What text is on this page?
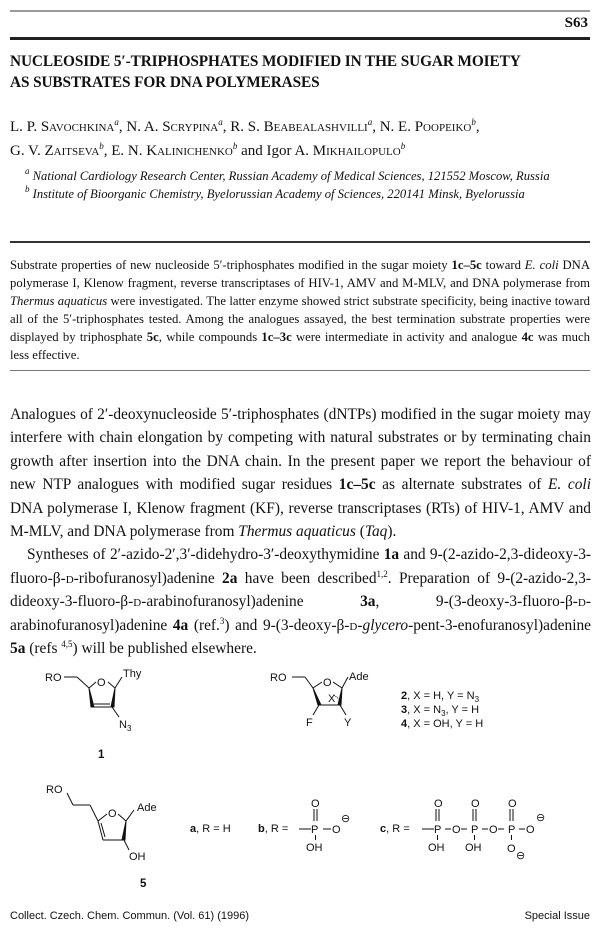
S63
NUCLEOSIDE 5′-TRIPHOSPHATES MODIFIED IN THE SUGAR MOIETY
AS SUBSTRATES FOR DNA POLYMERASES
L. P. Savochkina$^a$, N. A. Scrypina$^a$, R. S. Beabealashvilli$^a$, N. E. Poopeiko$^b$,
G. V. Zaitseva$^b$, E. N. Kalinichenko$^b$ and Igor A. Mikhailopulo$^b$

$^a$ National Cardiology Research Center, Russian Academy of Medical Sciences, 121552 Moscow, Russia

$^b$ Institute of Bioorganic Chemistry, Byelorussian Academy of Sciences, 220141 Minsk, Byelorussia

Substrate properties of new nucleoside 5′-triphosphates modified in the sugar moiety 1c–5c toward E. coli DNA polymerase I, Klenow fragment, reverse transcriptases of HIV-1, AMV and M-MLV, and DNA polymerase from Thermus aquaticus were investigated. The latter enzyme showed strict substrate specificity, being inactive toward all of the 5′-triphosphates tested. Among the analogues assayed, the best termination substrate properties were displayed by triphosphate 5c, while compounds 1c–3c were intermediate in activity and analogue 4c was much less effective.

Analogues of 2′-deoxynucleoside 5′-triphosphates (dNTPs) modified in the sugar moiety may interfere with chain elongation by competing with natural substrates or by terminating chain growth after insertion into the DNA chain. In the present paper we report the behaviour of new NTP analogues with modified sugar residues 1c–5c as alternate substrates of E. coli DNA polymerase I, Klenow fragment (KF), reverse transcriptases (RTs) of HIV-1, AMV and M-MLV, and DNA polymerase from Thermus aquaticus (Taq).

Syntheses of 2′-azido-2′,3′-didehydro-3′-deoxythymidine 1a and 9-(2-azido-2,3-dideoxy-3-fluoro-β-d-ribofuranosyl)adenine 2a have been described$^{1,2}$. Preparation of 9-(2-azido-2,3-dideoxy-3-fluoro-β-d-arabinofuranosyl)adenine 3a, 9-(3-deoxy-3-fluoro-β-d-arabinofuranosyl)adenine 4a (ref.$^3$) and 9-(3-deoxy-β-d-glycero-pent-3-enofuranosyl)adenine 5a (refs $^{4,5}$) will be published elsewhere.

RO	O
Thy
$N_3$
1
RO	O Ade
X
F	Y
2, X = H, $Y = N_3$
3, $X = N_3$, Y = H
4, X = OH, Y = H
RO
O Ade
OH
5
a, R = H b, R =
O
P O
⊖
OH
c, R =
O
P O
OH
O
P O
OH
O
P O
⊖
O
⊖
Collect. Czech. Chem. Commun. (Vol. 61) (1996)	Special Issue
